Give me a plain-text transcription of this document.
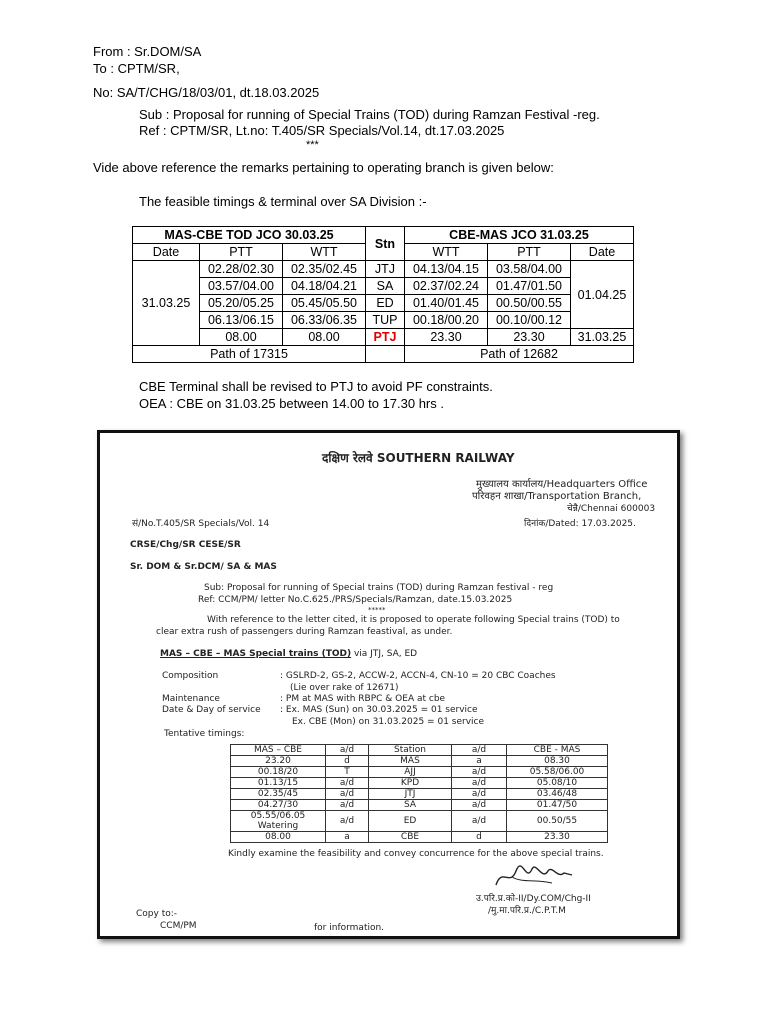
From : Sr.DOM/SA
To : CPTM/SR,
No: SA/T/CHG/18/03/01, dt.18.03.2025
Sub : Proposal for running of Special Trains (TOD) during Ramzan Festival -reg.
Ref : CPTM/SR, Lt.no: T.405/SR Specials/Vol.14, dt.17.03.2025
***
Vide above reference the remarks pertaining to operating branch is given below:
The feasible timings & terminal over SA Division :-
MAS-CBE TOD JCO 30.03.25			Stn	CBE-MAS JCO 31.03.25		
Date	PTT	WTT		WTT	PTT	Date
31.03.25	02.28/02.30	02.35/02.45	JTJ	04.13/04.15	03.58/04.00	01.04.25
	03.57/04.00	04.18/04.21	SA	02.37/02.24	01.47/01.50	
	05.20/05.25	05.45/05.50	ED	01.40/01.45	00.50/00.55	
	06.13/06.15	06.33/06.35	TUP	00.18/00.20	00.10/00.12	
	08.00	08.00	PTJ	23.30	23.30	31.03.25
Path of 17315				Path of 12682		
CBE Terminal shall be revised to PTJ to avoid PF constraints.
OEA : CBE on 31.03.25 between 14.00 to 17.30 hrs .
दक्षिण रेलवे SOUTHERN RAILWAY
मुख्यालय कार्यालय/Headquarters Office
परिवहन शाखा/Transportation Branch,
चेन्नै/Chennai 600003
सं/No.T.405/SR Specials/Vol. 14	दिनांक/Dated: 17.03.2025.
CRSE/Chg/SR CESE/SR
Sr. DOM & Sr.DCM/ SA & MAS
Sub: Proposal for running of Special trains (TOD) during Ramzan festival - reg
Ref: CCM/PM/ letter No.C.625./PRS/Specials/Ramzan, date.15.03.2025
*****
With reference to the letter cited, it is proposed to operate following Special trains (TOD) to
clear extra rush of passengers during Ramzan feastival, as under.
MAS – CBE – MAS Special trains (TOD) via JTJ, SA, ED
Composition	: GSLRD-2, GS-2, ACCW-2, ACCN-4, CN-10 = 20 CBC Coaches
(Lie over rake of 12671)
Maintenance	: PM at MAS with RBPC & OEA at cbe
Date & Day of service : Ex. MAS (Sun) on 30.03.2025 = 01 service
Ex. CBE (Mon) on 31.03.2025 = 01 service
Tentative timings:
MAS – CBE	a/d	Station	a/d	CBE - MAS
23.20	d	MAS	a	08.30
00.18/20	T	AJJ	a/d	05.58/06.00
01.13/15	a/d	KPD	a/d	05.08/10
02.35/45	a/d	JTJ	a/d	03.46/48
04.27/30	a/d	SA	a/d	01.47/50
05.55/06.05 Watering	a/d	ED	a/d	00.50/55
08.00	a	CBE	d	23.30
Kindly examine the feasibility and convey concurrence for the above special trains.
उ.परि.प्र.को-II/Dy.COM/Chg-II
/मु.मा.परि.प्र./C.P.T.M
Copy to:-
CCM/PM	for information.
